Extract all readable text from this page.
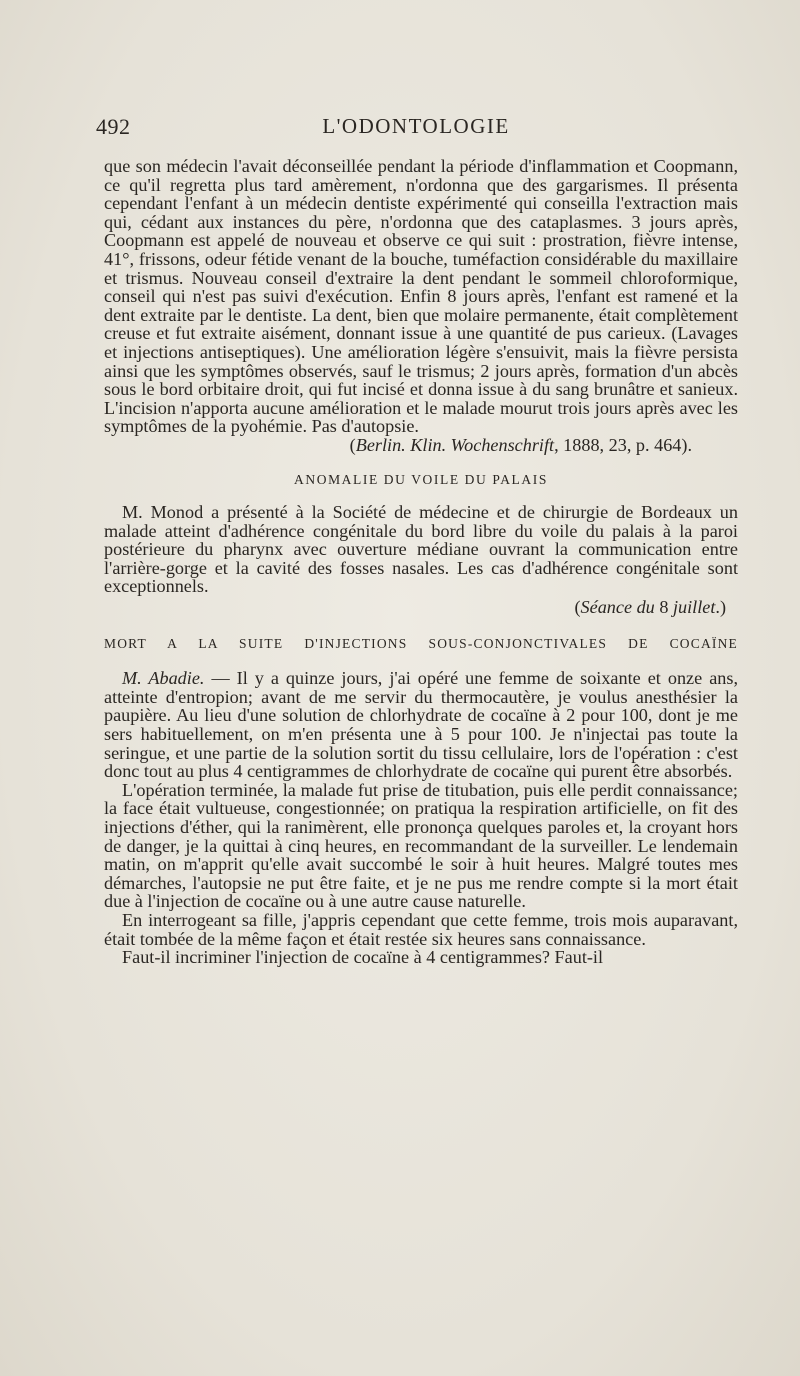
492	L'ODONTOLOGIE

que son médecin l'avait déconseillée pendant la période d'inflammation et Coopmann, ce qu'il regretta plus tard amèrement, n'ordonna que des gargarismes. Il présenta cependant l'enfant à un médecin dentiste expérimenté qui conseilla l'extraction mais qui, cédant aux instances du père, n'ordonna que des cataplasmes. 3 jours après, Coopmann est appelé de nouveau et observe ce qui suit : prostration, fièvre intense, 41°, frissons, odeur fétide venant de la bouche, tuméfaction considérable du maxillaire et trismus. Nouveau conseil d'extraire la dent pendant le sommeil chloroformique, conseil qui n'est pas suivi d'exécution. Enfin 8 jours après, l'enfant est ramené et la dent extraite par le dentiste. La dent, bien que molaire permanente, était complètement creuse et fut extraite aisément, donnant issue à une quantité de pus carieux. (Lavages et injections antiseptiques). Une amélioration légère s'ensuivit, mais la fièvre persista ainsi que les symptômes observés, sauf le trismus; 2 jours après, formation d'un abcès sous le bord orbitaire droit, qui fut incisé et donna issue à du sang brunâtre et sanieux. L'incision n'apporta aucune amélioration et le malade mourut trois jours après avec les symptômes de la pyohémie. Pas d'autopsie.

(Berlin. Klin. Wochenschrift, 1888, 23, p. 464).

ANOMALIE DU VOILE DU PALAIS

M. Monod a présenté à la Société de médecine et de chirurgie de Bordeaux un malade atteint d'adhérence congénitale du bord libre du voile du palais à la paroi postérieure du pharynx avec ouverture médiane ouvrant la communication entre l'arrière-gorge et la cavité des fosses nasales. Les cas d'adhérence congénitale sont exceptionnels.

(Séance du 8 juillet.)

MORT A LA SUITE D'INJECTIONS SOUS-CONJONCTIVALES DE COCAÏNE

M. Abadie. — Il y a quinze jours, j'ai opéré une femme de soixante et onze ans, atteinte d'entropion; avant de me servir du thermocautère, je voulus anesthésier la paupière. Au lieu d'une solution de chlorhydrate de cocaïne à 2 pour 100, dont je me sers habituellement, on m'en présenta une à 5 pour 100. Je n'injectai pas toute la seringue, et une partie de la solution sortit du tissu cellulaire, lors de l'opération : c'est donc tout au plus 4 centigrammes de chlorhydrate de cocaïne qui purent être absorbés.

L'opération terminée, la malade fut prise de titubation, puis elle perdit connaissance; la face était vultueuse, congestionnée; on pratiqua la respiration artificielle, on fit des injections d'éther, qui la ranimèrent, elle prononça quelques paroles et, la croyant hors de danger, je la quittai à cinq heures, en recommandant de la surveiller. Le lendemain matin, on m'apprit qu'elle avait succombé le soir à huit heures. Malgré toutes mes démarches, l'autopsie ne put être faite, et je ne pus me rendre compte si la mort était due à l'injection de cocaïne ou à une autre cause naturelle.

En interrogeant sa fille, j'appris cependant que cette femme, trois mois auparavant, était tombée de la même façon et était restée six heures sans connaissance.

Faut-il incriminer l'injection de cocaïne à 4 centigrammes? Faut-il
